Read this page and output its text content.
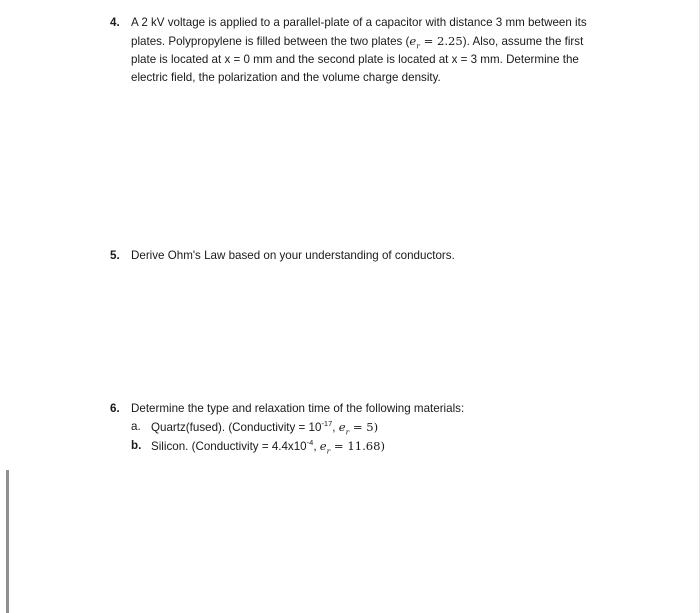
4. A 2 kV voltage is applied to a parallel-plate of a capacitor with distance 3 mm between its
plates. Polypropylene is filled between the two plates $(e_r = 2.25)$. Also, assume the first
plate is located at x = 0 mm and the second plate is located at x = 3 mm. Determine the
electric field, the polarization and the volume charge density.
5. Derive Ohm's Law based on your understanding of conductors.
6. Determine the type and relaxation time of the following materials:
a. Quartz(fused). (Conductivity = $10^{-17}$, $e_r = 5$)
b. Silicon. (Conductivity = $4.4x10^{-4}$, $e_r = 11.68$)
